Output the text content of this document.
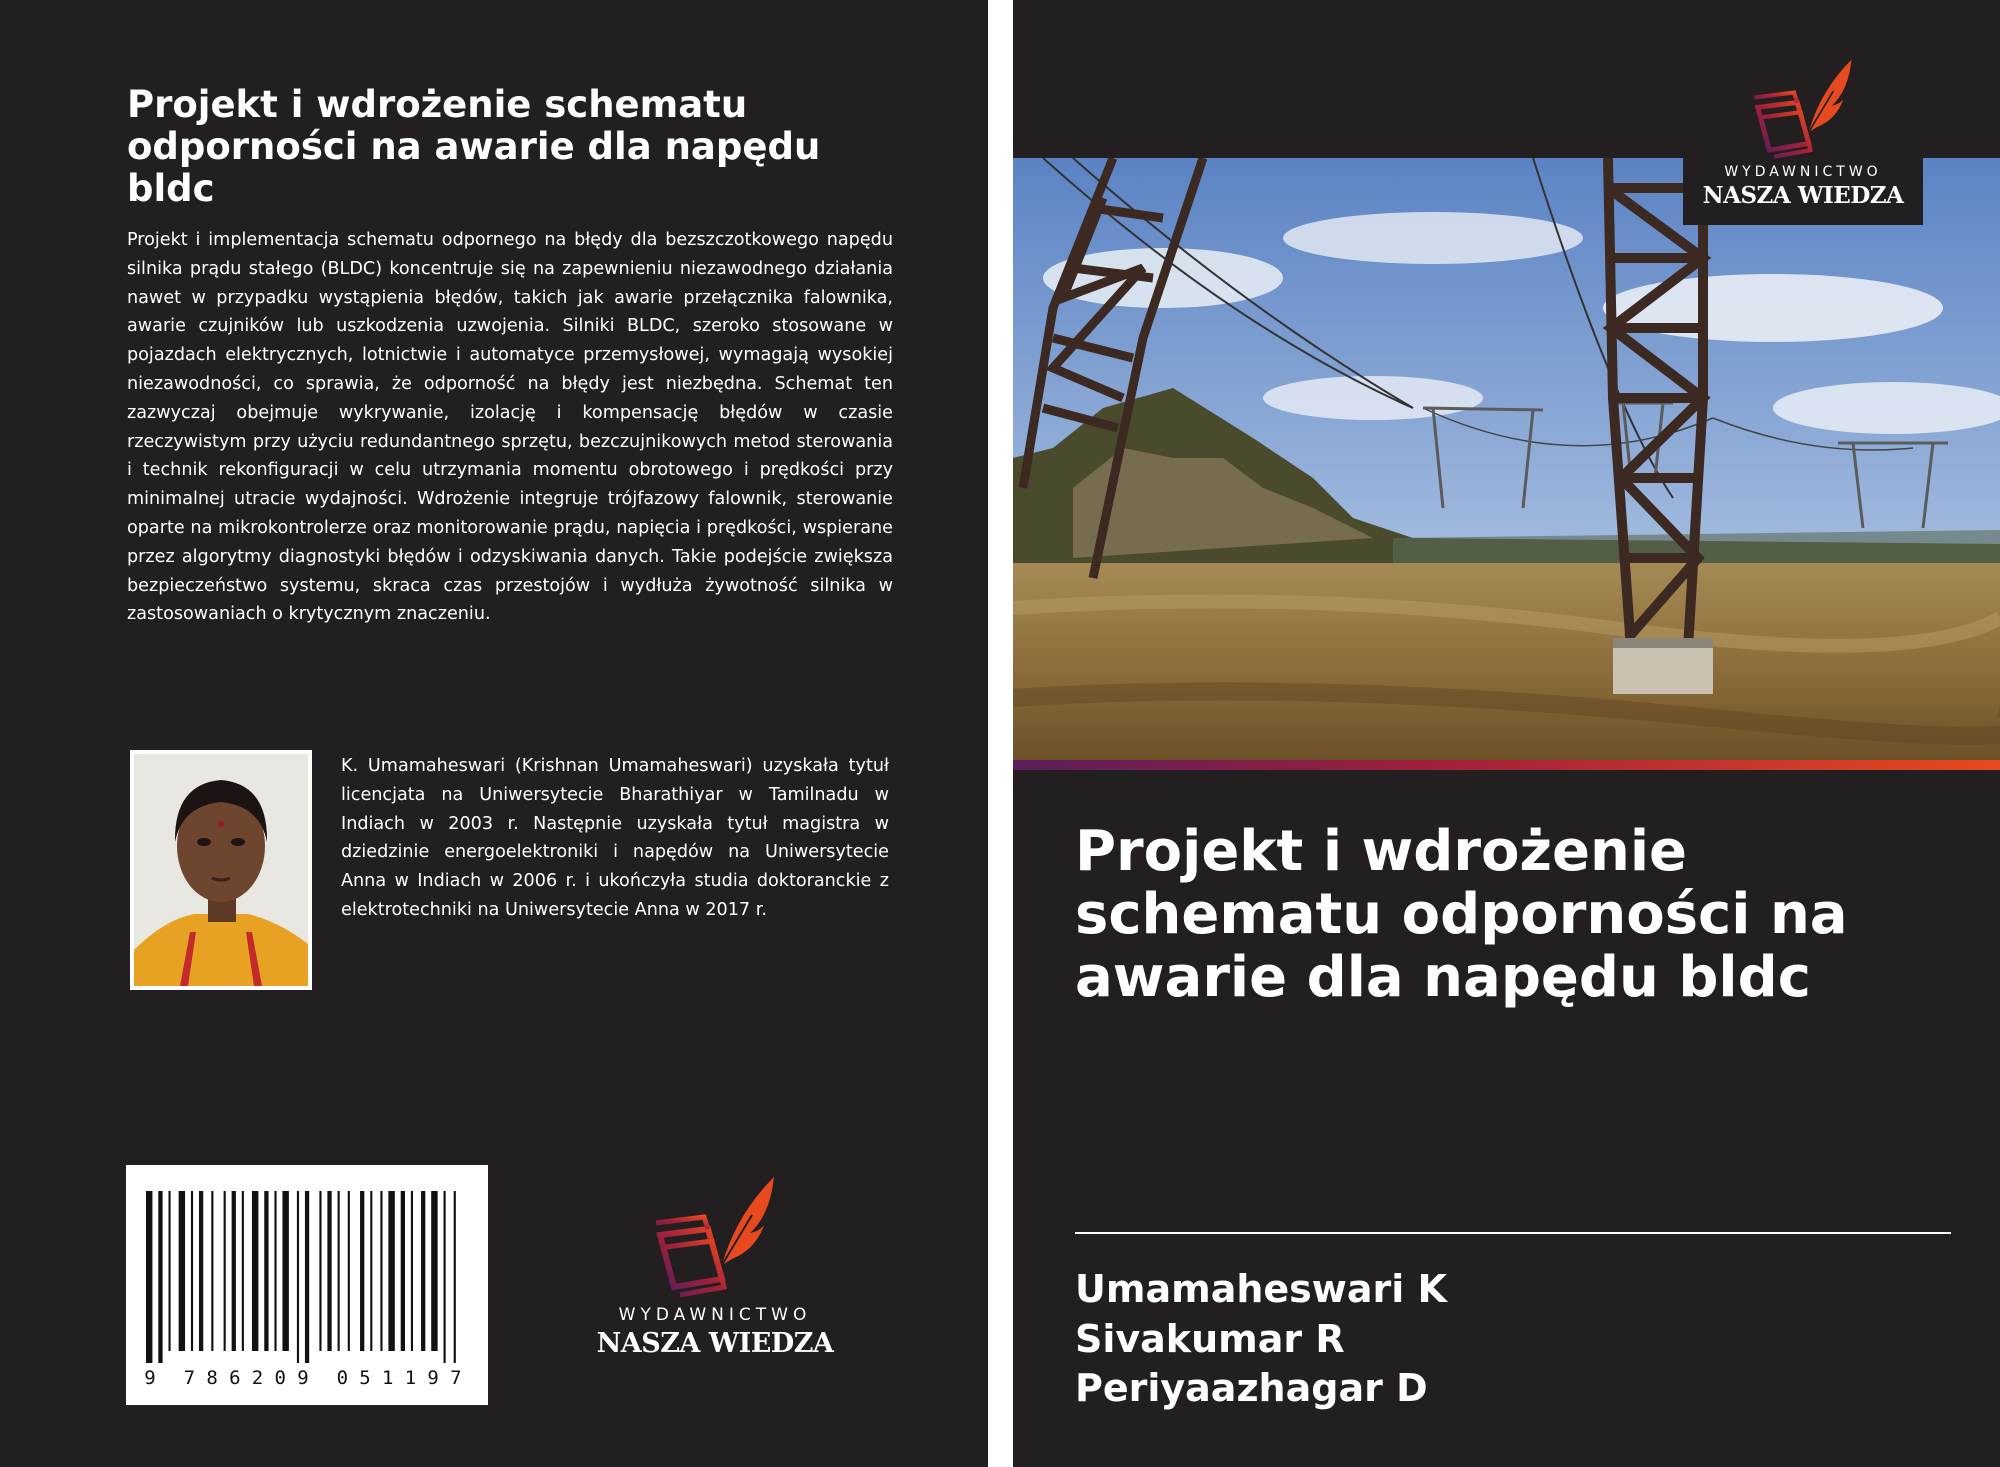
Projekt i wdrożenie schematu odporności na awarie dla napędu bldc

Projekt i implementacja schematu odpornego na błędy dla bezszczotkowego napędu silnika prądu stałego (BLDC) koncentruje się na zapewnieniu niezawodnego działania nawet w przypadku wystąpienia błędów, takich jak awarie przełącznika falownika, awarie czujników lub uszkodzenia uzwojenia. Silniki BLDC, szeroko stosowane w pojazdach elektrycznych, lotnictwie i automatyce przemysłowej, wymagają wysokiej niezawodności, co sprawia, że odporność na błędy jest niezbędna. Schemat ten zazwyczaj obejmuje wykrywanie, izolację i kompensację błędów w czasie rzeczywistym przy użyciu redundantnego sprzętu, bezczujnikowych metod sterowania i technik rekonfiguracji w celu utrzymania momentu obrotowego i prędkości przy minimalnej utracie wydajności. Wdrożenie integruje trójfazowy falownik, sterowanie oparte na mikrokontrolerze oraz monitorowanie prądu, napięcia i prędkości, wspierane przez algorytmy diagnostyki błędów i odzyskiwania danych. Takie podejście zwiększa bezpieczeństwo systemu, skraca czas przestojów i wydłuża żywotność silnika w zastosowaniach o krytycznym znaczeniu.

K. Umamaheswari (Krishnan Umamaheswari) uzyskała tytuł licencjata na Uniwersytecie Bharathiyar w Tamilnadu w Indiach w 2003 r. Następnie uzyskała tytuł magistra w dziedzinie energoelektroniki i napędów na Uniwersytecie Anna w Indiach w 2006 r. i ukończyła studia doktoranckie z elektrotechniki na Uniwersytecie Anna w 2017 r.

9 7 8 6 2 0 9 0 5 1 1 9 7
WYDAWNICTWO
NASZA WIEDZA
WYDAWNICTWO
NASZA WIEDZA
Projekt i wdrożenie schematu odporności na awarie dla napędu bldc
Umamaheswari K
Sivakumar R
Periyaazhagar D
